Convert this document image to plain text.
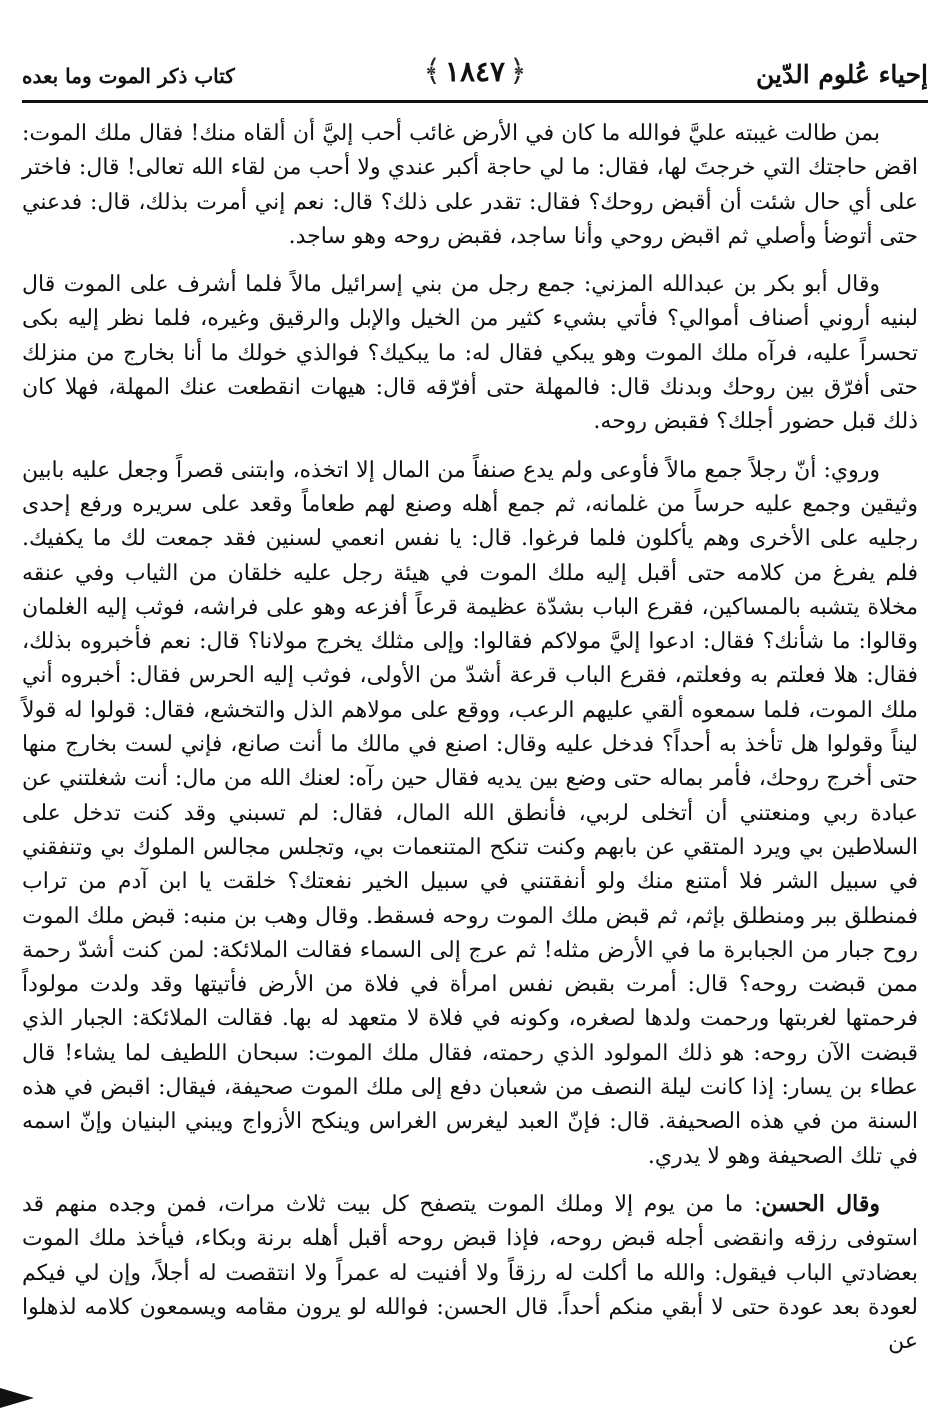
إحياء عُلوم الدّين
﴿
١٨٤٧
﴾
كتاب ذكر الموت وما بعده

بمن طالت غيبته عليَّ فوالله ما كان في الأرض غائب أحب إليَّ أن ألقاه منك! فقال ملك الموت: اقض حاجتك التي خرجتَ لها، فقال: ما لي حاجة أكبر عندي ولا أحب من لقاء الله تعالى! قال: فاختر على أي حال شئت أن أقبض روحك؟ فقال: تقدر على ذلك؟ قال: نعم إني أمرت بذلك، قال: فدعني حتى أتوضأ وأصلي ثم اقبض روحي وأنا ساجد، فقبض روحه وهو ساجد.

وقال أبو بكر بن عبدالله المزني: جمع رجل من بني إسرائيل مالاً فلما أشرف على الموت قال لبنيه أروني أصناف أموالي؟ فأتي بشيء كثير من الخيل والإبل والرقيق وغيره، فلما نظر إليه بكى تحسراً عليه، فرآه ملك الموت وهو يبكي فقال له: ما يبكيك؟ فوالذي خولك ما أنا بخارج من منزلك حتى أفرّق بين روحك وبدنك قال: فالمهلة حتى أفرّقه قال: هيهات انقطعت عنك المهلة، فهلا كان ذلك قبل حضور أجلك؟ فقبض روحه.

وروي: أنّ رجلاً جمع مالاً فأوعى ولم يدع صنفاً من المال إلا اتخذه، وابتنى قصراً وجعل عليه بابين وثيقين وجمع عليه حرساً من غلمانه، ثم جمع أهله وصنع لهم طعاماً وقعد على سريره ورفع إحدى رجليه على الأخرى وهم يأكلون فلما فرغوا. قال: يا نفس انعمي لسنين فقد جمعت لك ما يكفيك. فلم يفرغ من كلامه حتى أقبل إليه ملك الموت في هيئة رجل عليه خلقان من الثياب وفي عنقه مخلاة يتشبه بالمساكين، فقرع الباب بشدّة عظيمة قرعاً أفزعه وهو على فراشه، فوثب إليه الغلمان وقالوا: ما شأنك؟ فقال: ادعوا إليَّ مولاكم فقالوا: وإلى مثلك يخرج مولانا؟ قال: نعم فأخبروه بذلك، فقال: هلا فعلتم به وفعلتم، فقرع الباب قرعة أشدّ من الأولى، فوثب إليه الحرس فقال: أخبروه أني ملك الموت، فلما سمعوه ألقي عليهم الرعب، ووقع على مولاهم الذل والتخشع، فقال: قولوا له قولاً ليناً وقولوا هل تأخذ به أحداً؟ فدخل عليه وقال: اصنع في مالك ما أنت صانع، فإني لست بخارج منها حتى أخرج روحك، فأمر بماله حتى وضع بين يديه فقال حين رآه: لعنك الله من مال: أنت شغلتني عن عبادة ربي ومنعتني أن أتخلى لربي، فأنطق الله المال، فقال: لم تسبني وقد كنت تدخل على السلاطين بي ويرد المتقي عن بابهم وكنت تنكح المتنعمات بي، وتجلس مجالس الملوك بي وتنفقني في سبيل الشر فلا أمتنع منك ولو أنفقتني في سبيل الخير نفعتك؟ خلقت يا ابن آدم من تراب فمنطلق ببر ومنطلق بإثم، ثم قبض ملك الموت روحه فسقط. وقال وهب بن منبه: قبض ملك الموت روح جبار من الجبابرة ما في الأرض مثله! ثم عرج إلى السماء فقالت الملائكة: لمن كنت أشدّ رحمة ممن قبضت روحه؟ قال: أمرت بقبض نفس امرأة في فلاة من الأرض فأتيتها وقد ولدت مولوداً فرحمتها لغربتها ورحمت ولدها لصغره، وكونه في فلاة لا متعهد له بها. فقالت الملائكة: الجبار الذي قبضت الآن روحه: هو ذلك المولود الذي رحمته، فقال ملك الموت: سبحان اللطيف لما يشاء! قال عطاء بن يسار: إذا كانت ليلة النصف من شعبان دفع إلى ملك الموت صحيفة، فيقال: اقبض في هذه السنة من في هذه الصحيفة. قال: فإنّ العبد ليغرس الغراس وينكح الأزواج ويبني البنيان وإنّ اسمه في تلك الصحيفة وهو لا يدري.

وقال الحسن: ما من يوم إلا وملك الموت يتصفح كل بيت ثلاث مرات، فمن وجده منهم قد استوفى رزقه وانقضى أجله قبض روحه، فإذا قبض روحه أقبل أهله برنة وبكاء، فيأخذ ملك الموت بعضادتي الباب فيقول: والله ما أكلت له رزقاً ولا أفنيت له عمراً ولا انتقصت له أجلاً، وإن لي فيكم لعودة بعد عودة حتى لا أبقي منكم أحداً. قال الحسن: فوالله لو يرون مقامه ويسمعون كلامه لذهلوا عن
